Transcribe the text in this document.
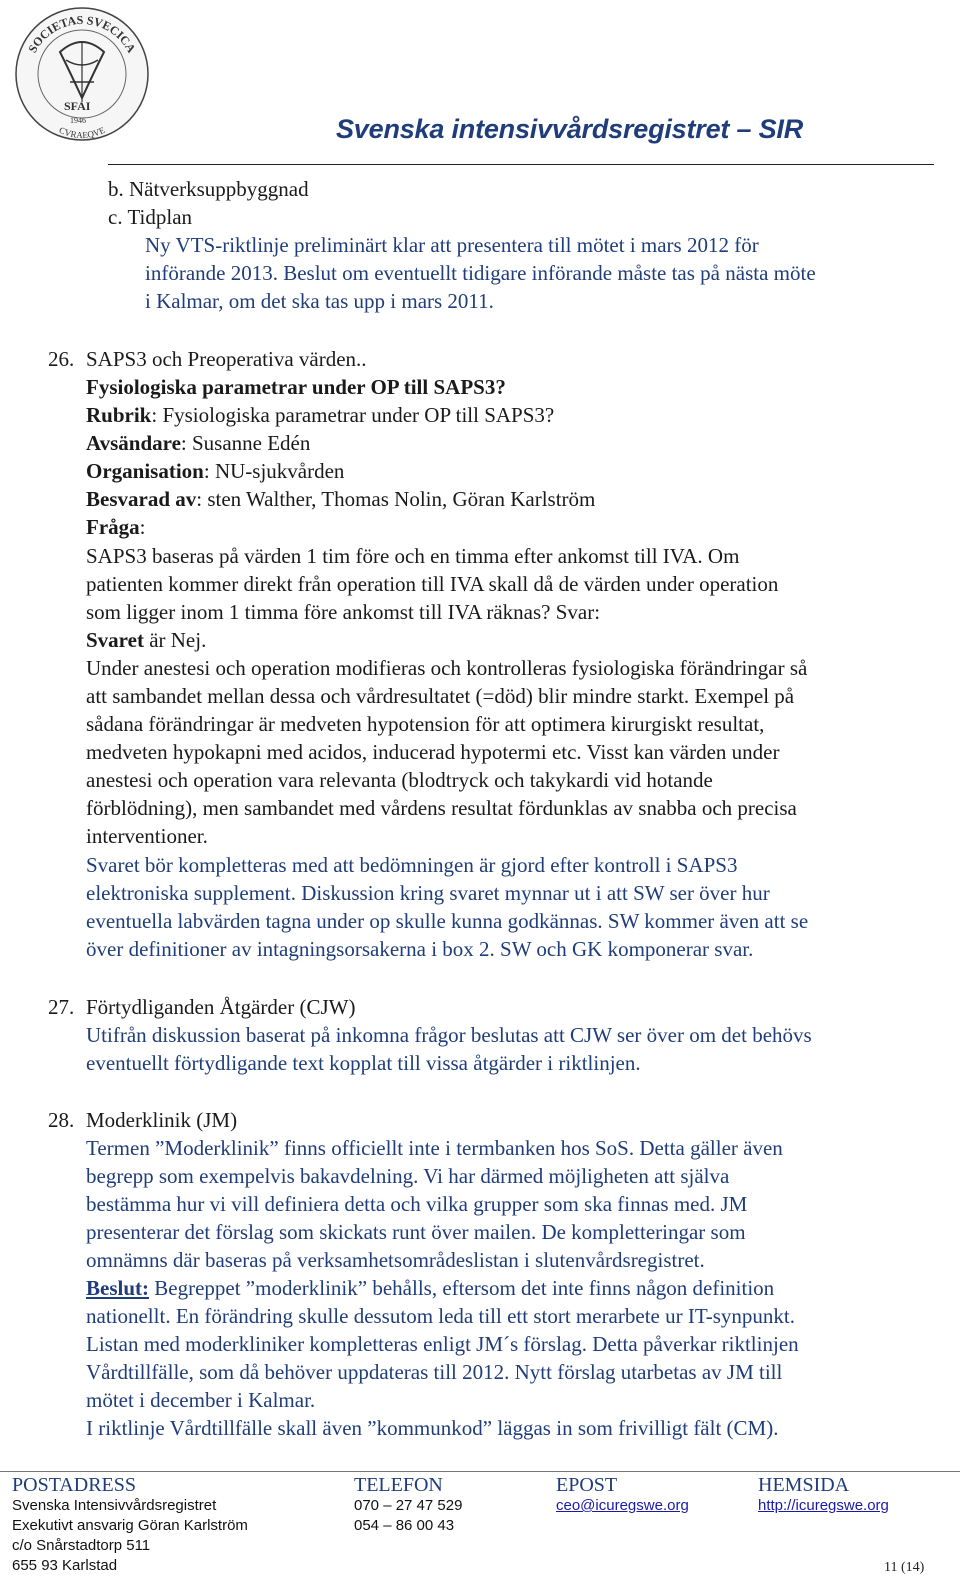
SOCIETAS SVECICA
CVRAEQVE
SFAI
1946	Svenska intensivvårdsregistret – SIR
b. Nätverksuppbyggnad
c. Tidplan
Ny VTS-riktlinje preliminärt klar att presentera till mötet i mars 2012 för
införande 2013. Beslut om eventuellt tidigare införande måste tas på nästa möte
i Kalmar, om det ska tas upp i mars 2011.
26. SAPS3 och Preoperativa värden..
Fysiologiska parametrar under OP till SAPS3?
Rubrik: Fysiologiska parametrar under OP till SAPS3?
Avsändare: Susanne Edén
Organisation: NU-sjukvården
Besvarad av: sten Walther, Thomas Nolin, Göran Karlström
Fråga:
SAPS3 baseras på värden 1 tim före och en timma efter ankomst till IVA. Om
patienten kommer direkt från operation till IVA skall då de värden under operation
som ligger inom 1 timma före ankomst till IVA räknas? Svar:
Svaret är Nej.
Under anestesi och operation modifieras och kontrolleras fysiologiska förändringar så
att sambandet mellan dessa och vårdresultatet (=död) blir mindre starkt. Exempel på
sådana förändringar är medveten hypotension för att optimera kirurgiskt resultat,
medveten hypokapni med acidos, inducerad hypotermi etc. Visst kan värden under
anestesi och operation vara relevanta (blodtryck och takykardi vid hotande
förblödning), men sambandet med vårdens resultat fördunklas av snabba och precisa
interventioner.
Svaret bör kompletteras med att bedömningen är gjord efter kontroll i SAPS3
elektroniska supplement. Diskussion kring svaret mynnar ut i att SW ser över hur
eventuella labvärden tagna under op skulle kunna godkännas. SW kommer även att se
över definitioner av intagningsorsakerna i box 2. SW och GK komponerar svar.
27. Förtydliganden Åtgärder (CJW)
Utifrån diskussion baserat på inkomna frågor beslutas att CJW ser över om det behövs
eventuellt förtydligande text kopplat till vissa åtgärder i riktlinjen.
28. Moderklinik (JM)
Termen ”Moderklinik” finns officiellt inte i termbanken hos SoS. Detta gäller även
begrepp som exempelvis bakavdelning. Vi har därmed möjligheten att själva
bestämma hur vi vill definiera detta och vilka grupper som ska finnas med. JM
presenterar det förslag som skickats runt över mailen. De kompletteringar som
omnämns där baseras på verksamhetsområdeslistan i slutenvårdsregistret.
Beslut: Begreppet ”moderklinik” behålls, eftersom det inte finns någon definition
nationellt. En förändring skulle dessutom leda till ett stort merarbete ur IT-synpunkt.
Listan med moderkliniker kompletteras enligt JM´s förslag. Detta påverkar riktlinjen
Vårdtillfälle, som då behöver uppdateras till 2012. Nytt förslag utarbetas av JM till
mötet i december i Kalmar.
I riktlinje Vårdtillfälle skall även ”kommunkod” läggas in som frivilligt fält (CM).
POSTADRESS	TELEFON	EPOST	HEMSIDA
Svenska Intensivvårdsregistret
Exekutivt ansvarig Göran Karlström
c/o Snårstadtorp 511
655 93 Karlstad
070 – 27 47 529
054 – 86 00 43
ceo@icuregswe.org	http://icuregswe.org
11 (14)
